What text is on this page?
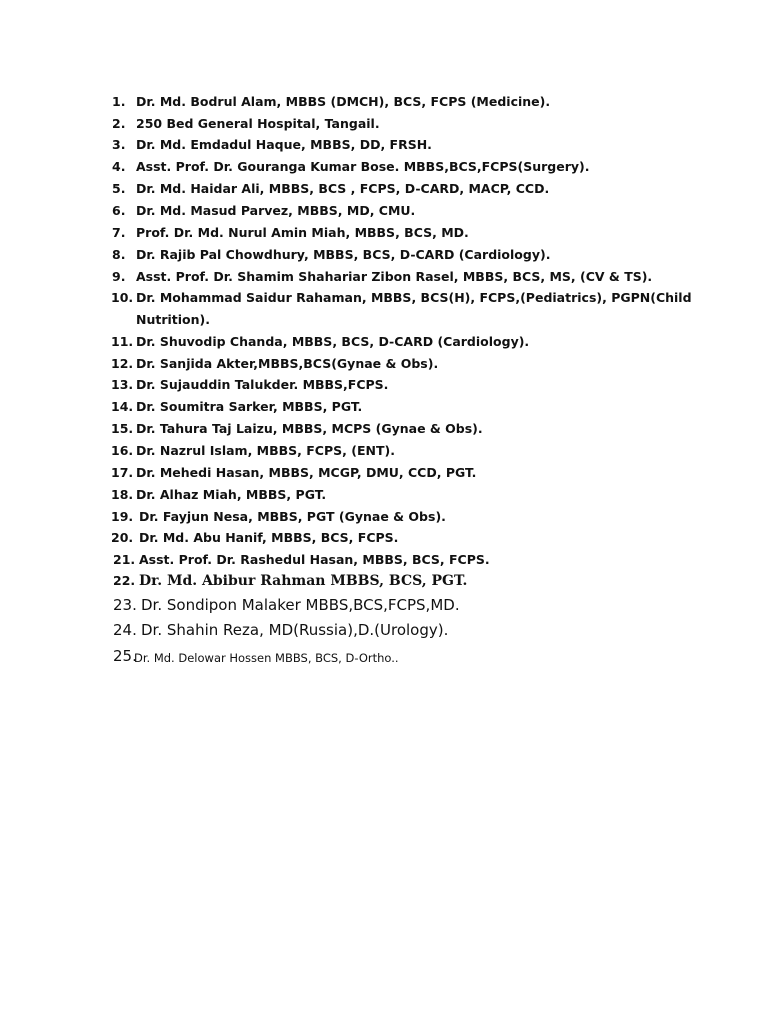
1. Dr. Md. Bodrul Alam, MBBS (DMCH), BCS, FCPS (Medicine).
2. 250 Bed General Hospital, Tangail.
3. Dr. Md. Emdadul Haque, MBBS, DD, FRSH.
4. Asst. Prof. Dr. Gouranga Kumar Bose. MBBS,BCS,FCPS(Surgery).
5. Dr. Md. Haidar Ali, MBBS, BCS , FCPS, D-CARD, MACP, CCD.
6. Dr. Md. Masud Parvez, MBBS, MD, CMU.
7. Prof. Dr. Md. Nurul Amin Miah, MBBS, BCS, MD.
8. Dr. Rajib Pal Chowdhury, MBBS, BCS, D-CARD (Cardiology).
9. Asst. Prof. Dr. Shamim Shahariar Zibon Rasel, MBBS, BCS, MS, (CV & TS).
10. Dr. Mohammad Saidur Rahaman, MBBS, BCS(H), FCPS,(Pediatrics), PGPN(Child
Nutrition).
11. Dr. Shuvodip Chanda, MBBS, BCS, D-CARD (Cardiology).
12. Dr. Sanjida Akter,MBBS,BCS(Gynae & Obs).
13. Dr. Sujauddin Talukder. MBBS,FCPS.
14. Dr. Soumitra Sarker, MBBS, PGT.
15. Dr. Tahura Taj Laizu, MBBS, MCPS (Gynae & Obs).
16. Dr. Nazrul Islam, MBBS, FCPS, (ENT).
17. Dr. Mehedi Hasan, MBBS, MCGP, DMU, CCD, PGT.
18. Dr. Alhaz Miah, MBBS, PGT.
19. Dr. Fayjun Nesa, MBBS, PGT (Gynae & Obs).
20. Dr. Md. Abu Hanif, MBBS, BCS, FCPS.
21. Asst. Prof. Dr. Rashedul Hasan, MBBS, BCS, FCPS.
22. Dr. Md. Abibur Rahman MBBS, BCS, PGT.
23. Dr. Sondipon Malaker MBBS,BCS,FCPS,MD.
24. Dr. Shahin Reza, MD(Russia),D.(Urology).
25.
Dr. Md. Delowar Hossen MBBS, BCS, D-Ortho..
